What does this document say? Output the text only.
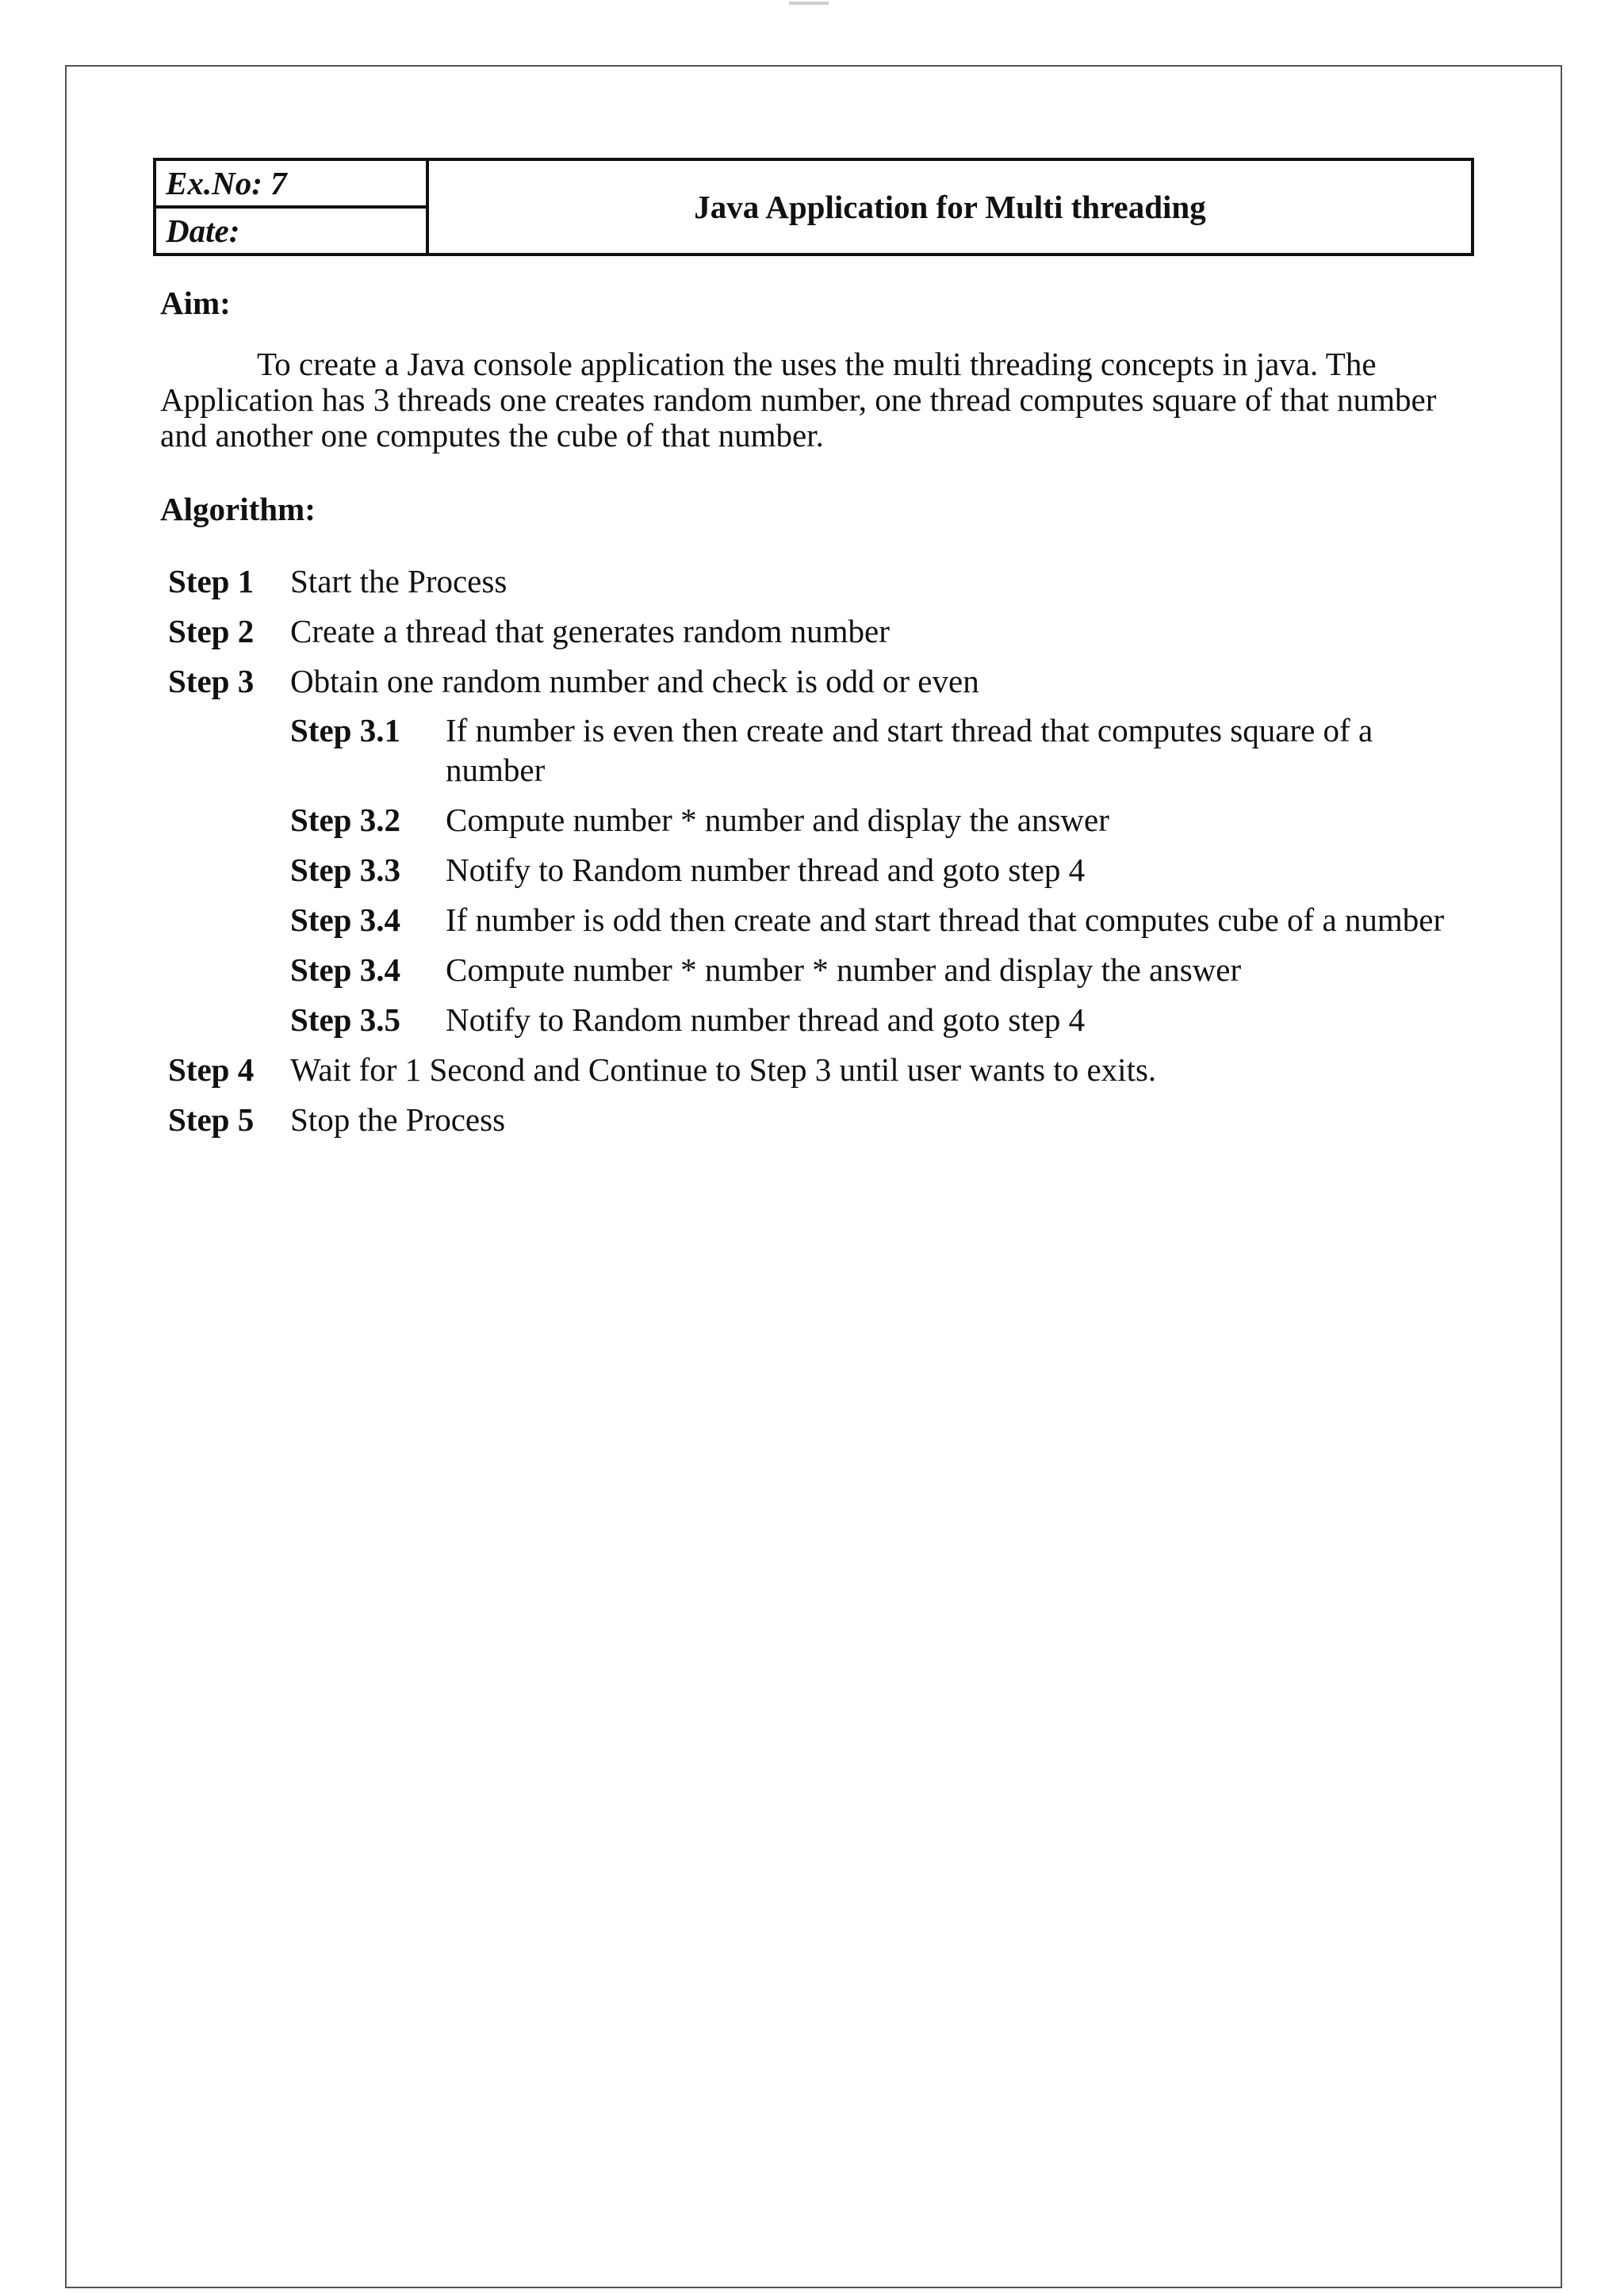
Ex.No: 7	Java Application for Multi threading
Date:
Aim:

To create a Java console application the uses the multi threading concepts in java. The Application has 3 threads one creates random number, one thread computes square of that number and another one computes the cube of that number.

Algorithm:
Step 1 Start the Process
Step 2 Create a thread that generates random number
Step 3 Obtain one random number and check is odd or even
Step 3.1 If number is even then create and start thread that computes square of a number
Step 3.2 Compute number * number and display the answer
Step 3.3 Notify to Random number thread and goto step 4
Step 3.4 If number is odd then create and start thread that computes cube of a number
Step 3.4 Compute number * number * number and display the answer
Step 3.5 Notify to Random number thread and goto step 4
Step 4 Wait for 1 Second and Continue to Step 3 until user wants to exits.
Step 5 Stop the Process
